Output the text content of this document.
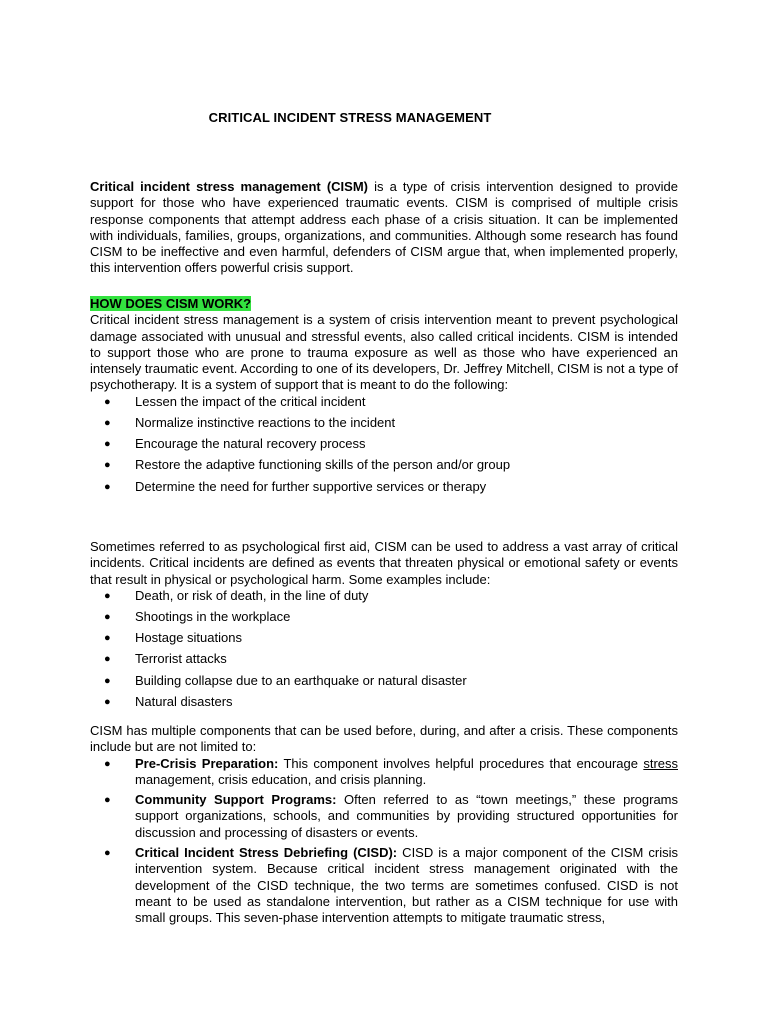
CRITICAL INCIDENT STRESS MANAGEMENT

Critical incident stress management (CISM) is a type of crisis intervention designed to provide support for those who have experienced traumatic events. CISM is comprised of multiple crisis response components that attempt address each phase of a crisis situation. It can be implemented with individuals, families, groups, organizations, and communities. Although some research has found CISM to be ineffective and even harmful, defenders of CISM argue that, when implemented properly, this intervention offers powerful crisis support.

HOW DOES CISM WORK?

Critical incident stress management is a system of crisis intervention meant to prevent psychological damage associated with unusual and stressful events, also called critical incidents. CISM is intended to support those who are prone to trauma exposure as well as those who have experienced an intensely traumatic event. According to one of its developers, Dr. Jeffrey Mitchell, CISM is not a type of psychotherapy. It is a system of support that is meant to do the following:

● Lessen the impact of the critical incident
● Normalize instinctive reactions to the incident
● Encourage the natural recovery process
● Restore the adaptive functioning skills of the person and/or group
● Determine the need for further supportive services or therapy

Sometimes referred to as psychological first aid, CISM can be used to address a vast array of critical incidents. Critical incidents are defined as events that threaten physical or emotional safety or events that result in physical or psychological harm. Some examples include:

● Death, or risk of death, in the line of duty
● Shootings in the workplace
● Hostage situations
● Terrorist attacks
● Building collapse due to an earthquake or natural disaster
● Natural disasters

CISM has multiple components that can be used before, during, and after a crisis. These components include but are not limited to:

● Pre-Crisis Preparation: This component involves helpful procedures that encourage stress management, crisis education, and crisis planning.
● Community Support Programs: Often referred to as “town meetings,” these programs support organizations, schools, and communities by providing structured opportunities for discussion and processing of disasters or events.
● Critical Incident Stress Debriefing (CISD): CISD is a major component of the CISM crisis intervention system. Because critical incident stress management originated with the development of the CISD technique, the two terms are sometimes confused. CISD is not meant to be used as standalone intervention, but rather as a CISM technique for use with small groups. This seven-phase intervention attempts to mitigate traumatic stress,
